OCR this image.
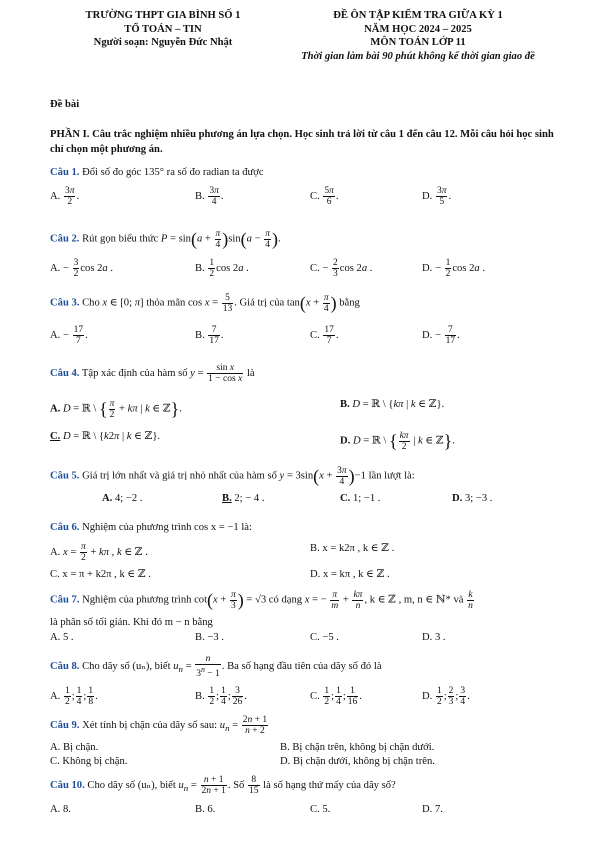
TRƯỜNG THPT GIA BÌNH SỐ 1
TỔ TOÁN – TIN
Người soạn: Nguyễn Đức Nhật
ĐỀ ÔN TẬP KIỂM TRA GIỮA KỲ 1
NĂM HỌC 2024 – 2025
MÔN TOÁN LỚP 11
Thời gian làm bài 90 phút không kể thời gian giao đề
Đề bài
PHẦN I. Câu trắc nghiệm nhiều phương án lựa chọn. Học sinh trả lời từ câu 1 đến câu 12. Mỗi câu hỏi học sinh chỉ chọn một phương án.
Câu 1. Đổi số đo góc 135° ra số đo radian ta được
A. $\frac{3\pi}{2}$ .	B. $\frac{3\pi}{4}$ .	C. $\frac{5\pi}{6}$ .	D. $\frac{3\pi}{5}$ .
Câu 2. Rút gọn biểu thức $P = \sin(a + \frac{\pi}{4} )\sin(a - \frac{\pi}{4}$ ).
A. − $\frac{3}{2}$ cos 2a .	B. $\frac{1}{2}$ cos 2a .	C. − $\frac{2}{3}$ cos 2a .	D. − $\frac{1}{2}$ cos 2a .
Câu 3. Cho x ∈ [0; π] thỏa mãn $\cos x = \frac{5}{13}$ . Giá trị của $\tan(x + \frac{\pi}{4}$ ) bằng
A. − $\frac{17}{7}$ .	B. $\frac{7}{17}$ .	C. $\frac{17}{7}$ .	D. − $\frac{7}{17}$ .
Câu 4. Tập xác định của hàm số $y = \frac{\text{sin x}}{\text{1 − cos x}}$ là
A. D = ℝ \ { $\frac{\pi}{2} + k\pi$ | k ∈ ℤ}.	B. D = ℝ \ {kπ | k ∈ ℤ}.
C. D = ℝ \ {k2π | k ∈ ℤ}.	D. D = ℝ \ { $\frac{k\pi}{2}$ | k ∈ ℤ}.
Câu 5. Giá trị lớn nhất và giá trị nhỏ nhất của hàm số $y = 3\sin(x + \frac{3\pi}{4} )-1$ lần lượt là:
A. 4; −2 .	B. 2; − 4 .	C. 1; −1 .	D. 3; −3 .
Câu 6. Nghiệm của phương trình cos x = −1 là:
A. $x = \frac{\pi}{2} + k\pi$ , k ∈ ℤ .	B. x = k2π , k ∈ ℤ .
C. x = π + k2π , k ∈ ℤ .	D. x = kπ , k ∈ ℤ .
Câu 7. Nghiệm của phương trình $\cot(x + \frac{\pi}{3}$ ) = √3 có dạng x = − $\frac{\pi}{m} + \frac{k\pi}{n}$ , k ∈ ℤ , m, n ∈ ℕ* và $\frac{k}{n}$
là phân số tối giản. Khi đó m − n bằng
A. 5 .	B. −3 .	C. −5 .	D. 3 .
Câu 8. Cho dãy số (uₙ), biết $u_n = \frac{n}{3^n - 1}$ . Ba số hạng đầu tiên của dãy số đó là
A. $\frac{1}{2}$ ; $\frac{1}{4}$ ; $\frac{1}{8}$ .	B. $\frac{1}{2}$ ; $\frac{1}{4}$ ; $\frac{3}{26}$ .	C. $\frac{1}{2}$ ; $\frac{1}{4}$ ; $\frac{1}{16}$ .	D. $\frac{1}{2}$ ; $\frac{2}{3}$ ; $\frac{3}{4}$ .
Câu 9. Xét tính bị chặn của dãy số sau: $u_n = \frac{2n + 1}{n + 2}$
A. Bị chặn.	B. Bị chặn trên, không bị chặn dưới.
C. Không bị chặn.	D. Bị chặn dưới, không bị chặn trên.
Câu 10. Cho dãy số (uₙ), biết $u_n = \frac{n + 1}{2n + 1}$ . Số $\frac{8}{15}$ là số hạng thứ mấy của dãy số?
A. 8.	B. 6.	C. 5.	D. 7.
